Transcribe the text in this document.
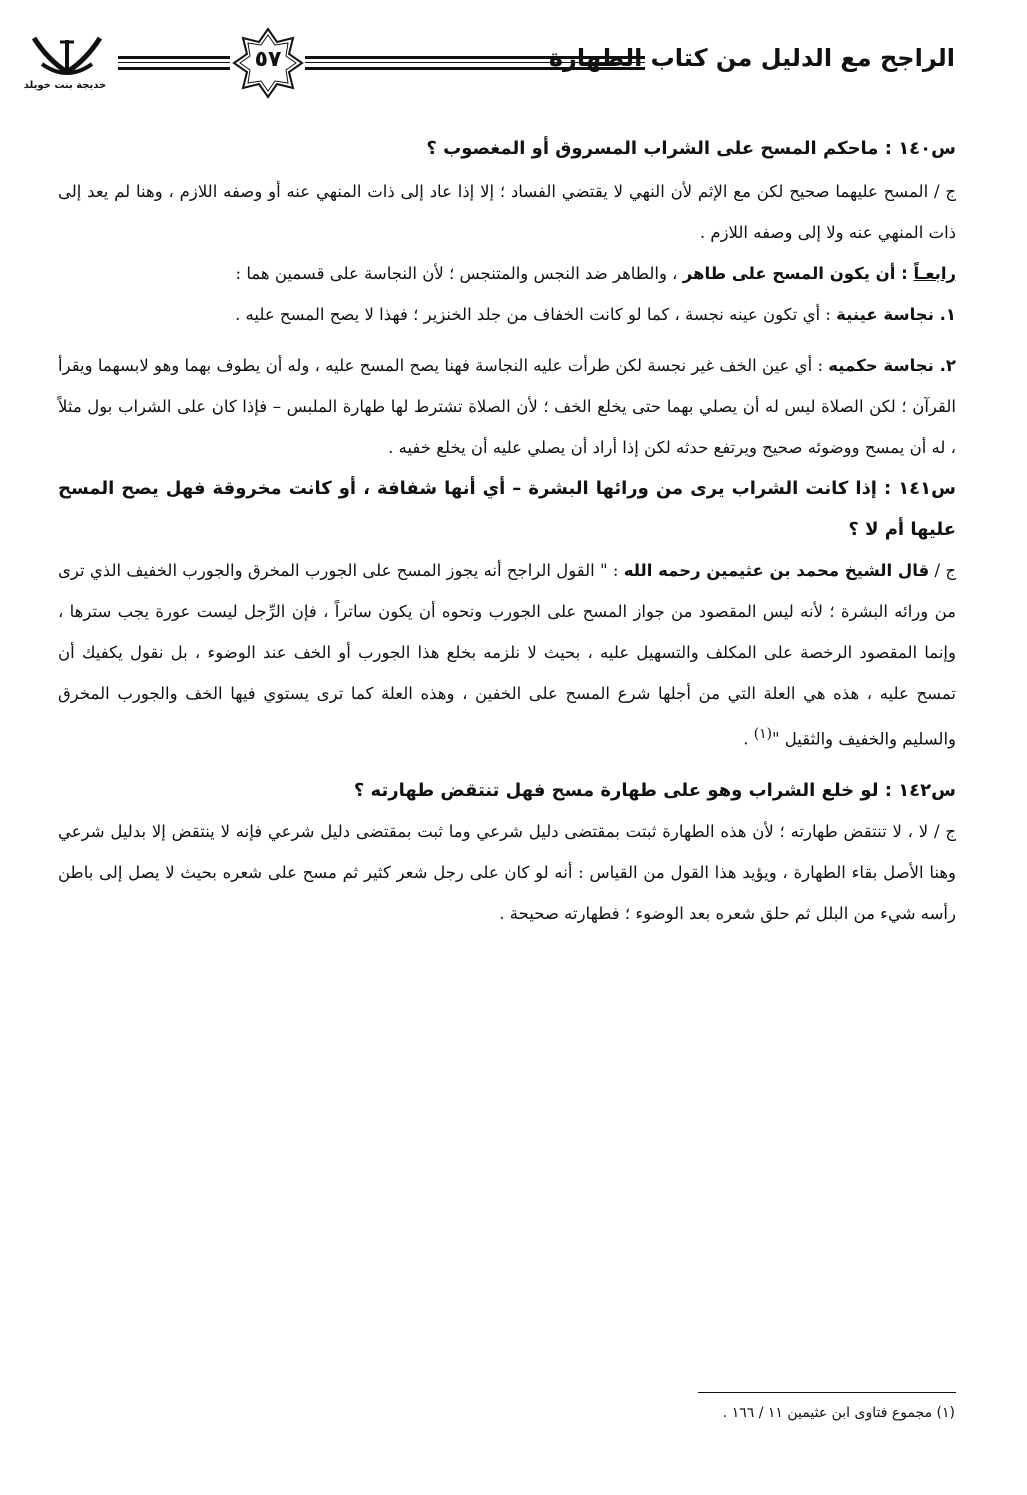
الراجح مع الدليل من كتاب الطهارة
٥٧
خديجة بنت خويلد

س١٤٠ : ماحكم المسح على الشراب المسروق أو المغصوب ؟

ج / المسح عليهما صحيح لكن مع الإثم لأن النهي لا يقتضي الفساد ؛ إلا إذا عاد إلى ذات المنهي عنه أو وصفه اللازم ، وهنا لم يعد إلى ذات المنهي عنه ولا إلى وصفه اللازم .

رابعـاً : أن يكون المسح على طاهر ، والطاهر ضد النجس والمتنجس ؛ لأن النجاسة على قسمين هما :

١. نجاسة عينية : أي تكون عينه نجسة ، كما لو كانت الخفاف من جلد الخنزير ؛ فهذا لا يصح المسح عليه .

٢. نجاسة حكميه : أي عين الخف غير نجسة لكن طرأت عليه النجاسة فهنا يصح المسح عليه ، وله أن يطوف بهما وهو لابسهما ويقرأ القرآن ؛ لكن الصلاة ليس له أن يصلي بهما حتى يخلع الخف ؛ لأن الصلاة تشترط لها طهارة الملبس – فإذا كان على الشراب بول مثلاً ، له أن يمسح ووضوئه صحيح ويرتفع حدثه لكن إذا أراد أن يصلي عليه أن يخلع خفيه .

س١٤١ : إذا كانت الشراب يرى من ورائها البشرة – أي أنها شفافة ، أو كانت مخروقة فهل يصح المسح عليها أم لا ؟

ج / قال الشيخ محمد بن عثيمين رحمه الله : " القول الراجح أنه يجوز المسح على الجورب المخرق والجورب الخفيف الذي ترى من ورائه البشرة ؛ لأنه ليس المقصود من جواز المسح على الجورب ونحوه أن يكون ساتراً ، فإن الرِّجل ليست عورة يجب سترها ، وإنما المقصود الرخصة على المكلف والتسهيل عليه ، بحيث لا نلزمه بخلع هذا الجورب أو الخف عند الوضوء ، بل نقول يكفيك أن تمسح عليه ، هذه هي العلة التي من أجلها شرع المسح على الخفين ، وهذه العلة كما ترى يستوي فيها الخف والجورب المخرق والسليم والخفيف والثقيل "$^{(١)}$ .

س١٤٢ : لو خلع الشراب وهو على طهارة مسح فهل تنتقض طهارته ؟

ج / لا ، لا تنتقض طهارته ؛ لأن هذه الطهارة ثبتت بمقتضى دليل شرعي وما ثبت بمقتضى دليل شرعي فإنه لا ينتقض إلا بدليل شرعي وهنا الأصل بقاء الطهارة ، ويؤيد هذا القول من القياس : أنه لو كان على رجل شعر كثير ثم مسح على شعره بحيث لا يصل إلى باطن رأسه شيء من البلل ثم حلق شعره بعد الوضوء ؛ فطهارته صحيحة .

(١) مجموع فتاوى ابن عثيمين ١١ / ١٦٦ .
